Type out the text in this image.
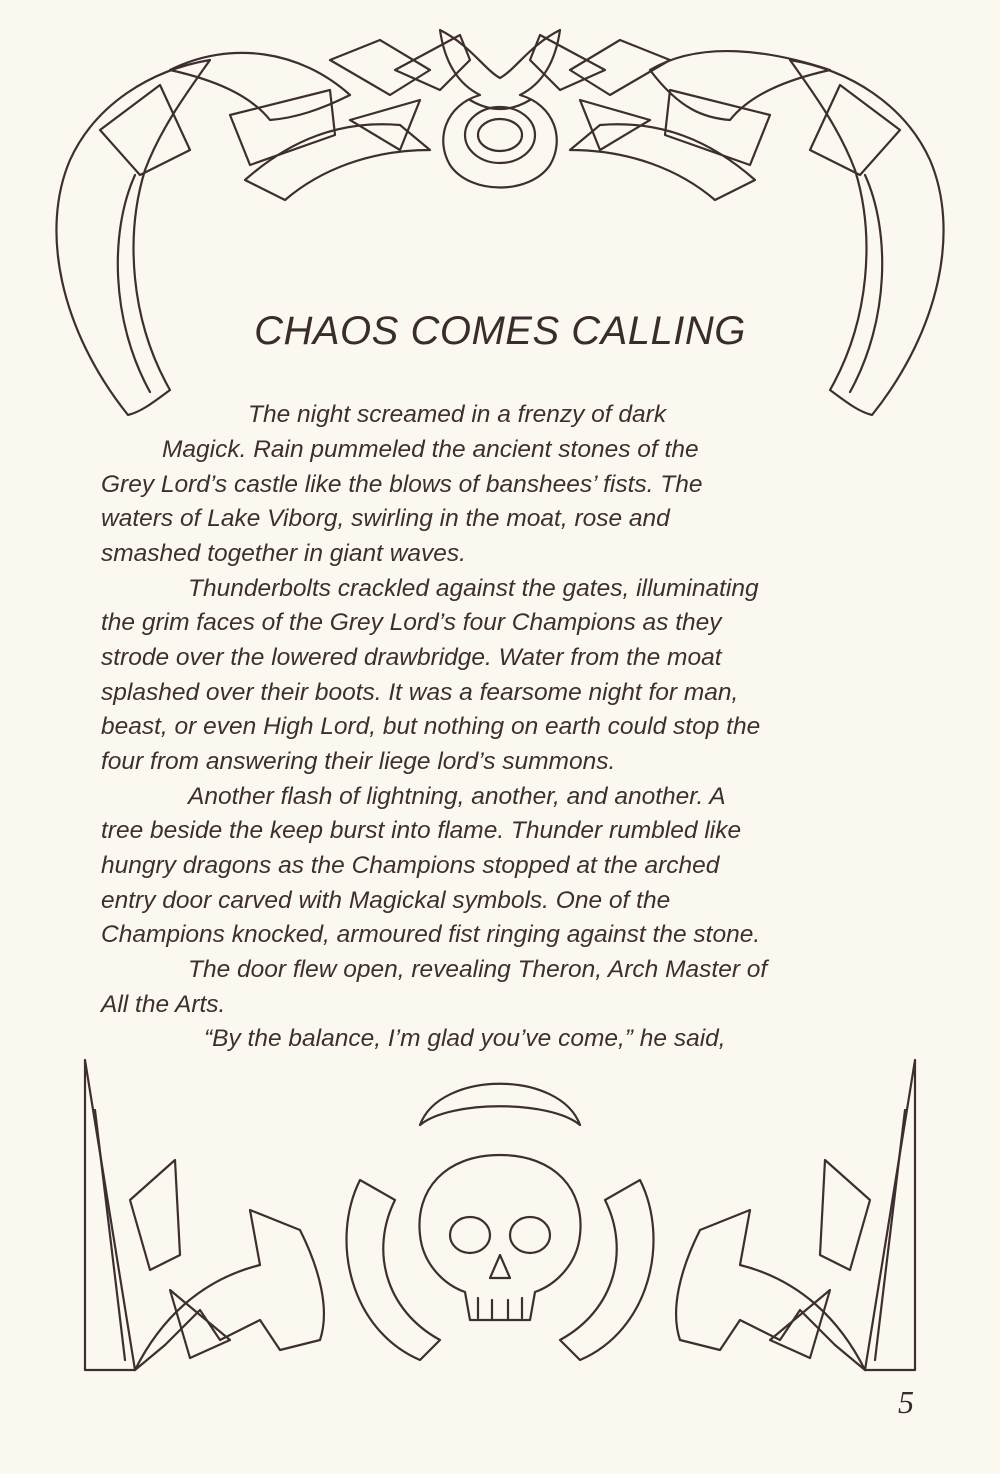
CHAOS COMES CALLING
The night screamed in a frenzy of dark
Magick. Rain pummeled the ancient stones of the
Grey Lord’s castle like the blows of banshees’ fists. The
waters of Lake Viborg, swirling in the moat, rose and
smashed together in giant waves.
Thunderbolts crackled against the gates, illuminating
the grim faces of the Grey Lord’s four Champions as they
strode over the lowered drawbridge. Water from the moat
splashed over their boots. It was a fearsome night for man,
beast, or even High Lord, but nothing on earth could stop the
four from answering their liege lord’s summons.
Another flash of lightning, another, and another. A
tree beside the keep burst into flame. Thunder rumbled like
hungry dragons as the Champions stopped at the arched
entry door carved with Magickal symbols. One of the
Champions knocked, armoured fist ringing against the stone.
The door flew open, revealing Theron, Arch Master of
All the Arts.
“By the balance, I’m glad you’ve come,” he said,
5
